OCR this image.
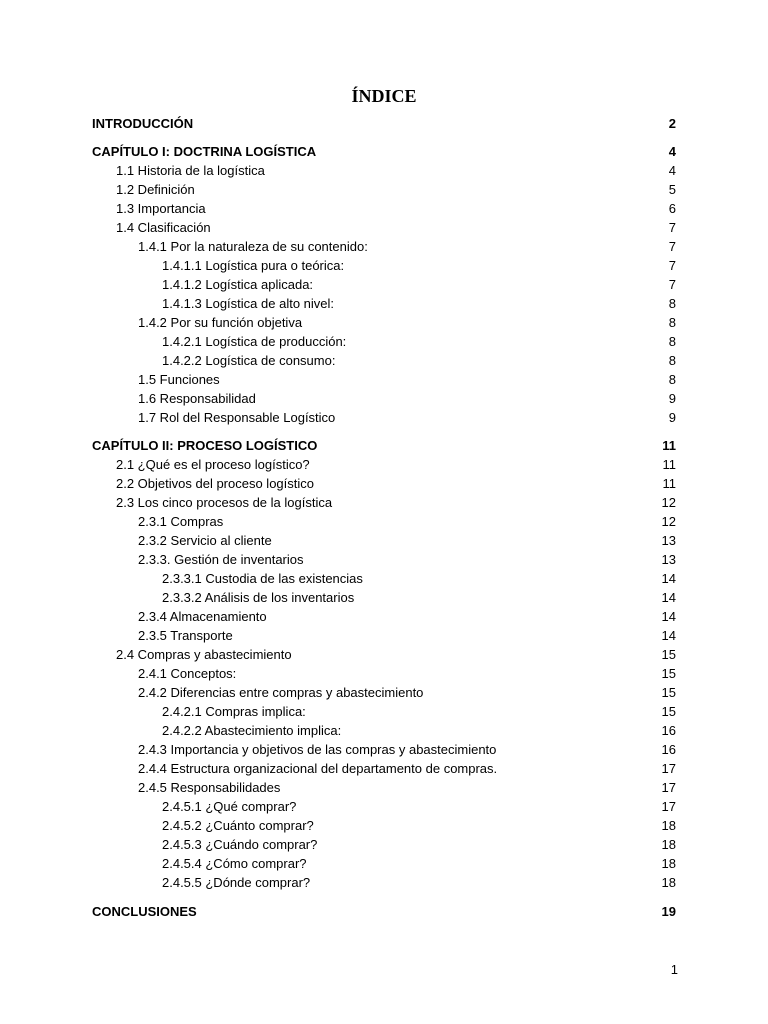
ÍNDICE
INTRODUCCIÓN	2
CAPÍTULO I: DOCTRINA LOGÍSTICA	4
1.1 Historia de la logística	4
1.2 Definición	5
1.3 Importancia	6
1.4 Clasificación	7
1.4.1 Por la naturaleza de su contenido:	7
1.4.1.1 Logística pura o teórica:	7
1.4.1.2 Logística aplicada:	7
1.4.1.3 Logística de alto nivel:	8
1.4.2 Por su función objetiva	8
1.4.2.1 Logística de producción:	8
1.4.2.2 Logística de consumo:	8
1.5 Funciones	8
1.6 Responsabilidad	9
1.7 Rol del Responsable Logístico	9
CAPÍTULO II: PROCESO LOGÍSTICO	11
2.1 ¿Qué es el proceso logístico?	11
2.2 Objetivos del proceso logístico	11
2.3 Los cinco procesos de la logística	12
2.3.1 Compras	12
2.3.2 Servicio al cliente	13
2.3.3. Gestión de inventarios	13
2.3.3.1 Custodia de las existencias	14
2.3.3.2 Análisis de los inventarios	14
2.3.4 Almacenamiento	14
2.3.5 Transporte	14
2.4 Compras y abastecimiento	15
2.4.1 Conceptos:	15
2.4.2 Diferencias entre compras y abastecimiento	15
2.4.2.1 Compras implica:	15
2.4.2.2 Abastecimiento implica:	16
2.4.3 Importancia y objetivos de las compras y abastecimiento	16
2.4.4 Estructura organizacional del departamento de compras.	17
2.4.5 Responsabilidades	17
2.4.5.1 ¿Qué comprar?	17
2.4.5.2 ¿Cuánto comprar?	18
2.4.5.3 ¿Cuándo comprar?	18
2.4.5.4 ¿Cómo comprar?	18
2.4.5.5 ¿Dónde comprar?	18
CONCLUSIONES	19
1
